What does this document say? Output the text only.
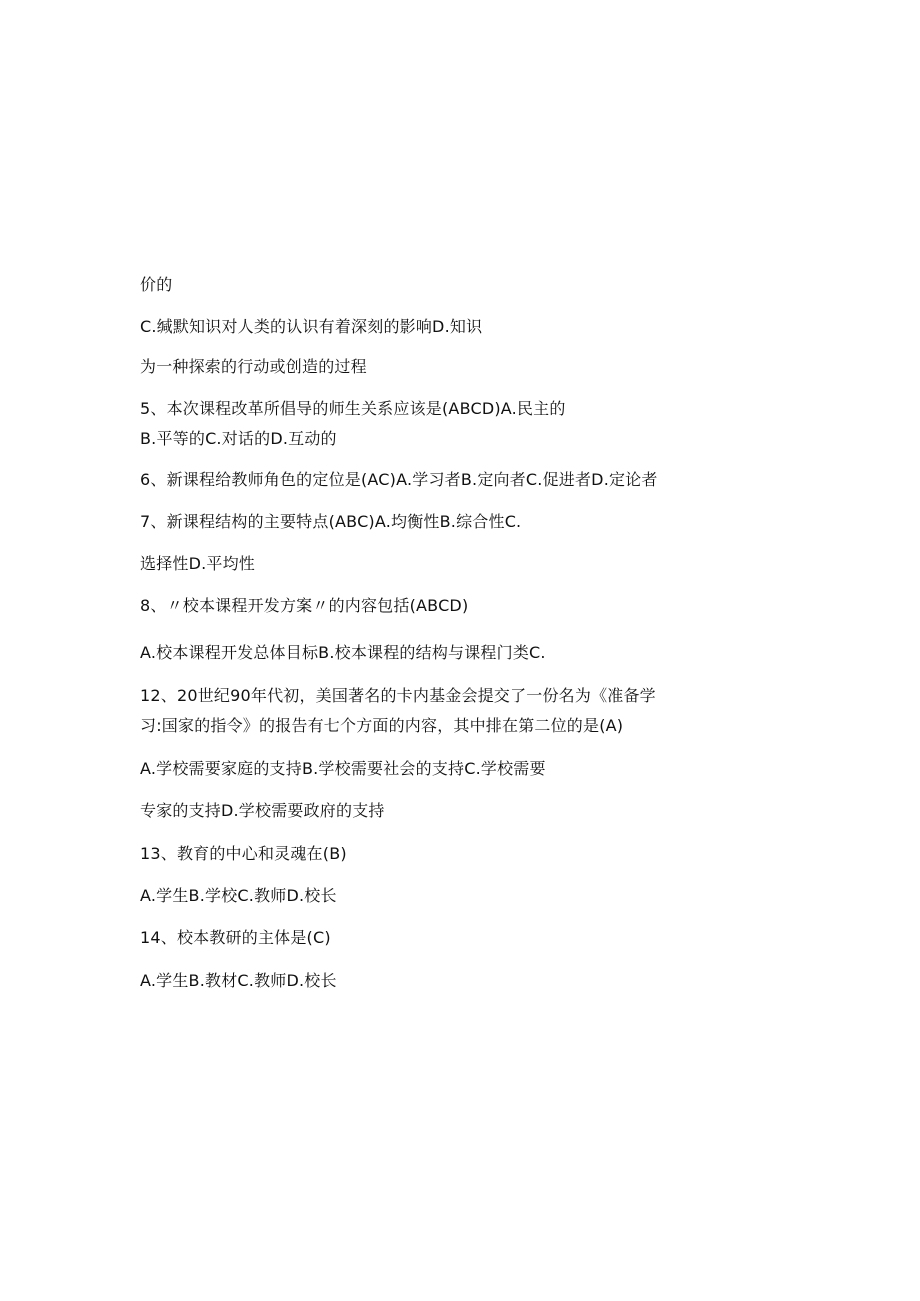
价的
C.缄默知识对人类的认识有着深刻的影响D.知识
为一种探索的行动或创造的过程
5、本次课程改革所倡导的师生关系应该是(ABCD)A.民主的
B.平等的C.对话的D.互动的
6、新课程给教师角色的定位是(AC)A.学习者B.定向者C.促进者D.定论者
7、新课程结构的主要特点(ABC)A.均衡性B.综合性C.
选择性D.平均性
8、〃校本课程开发方案〃的内容包括(ABCD)
A.校本课程开发总体目标B.校本课程的结构与课程门类C.
12、20世纪90年代初，美国著名的卡内基金会提交了一份名为《准备学
习:国家的指令》的报告有七个方面的内容，其中排在第二位的是(A)
A.学校需要家庭的支持B.学校需要社会的支持C.学校需要
专家的支持D.学校需要政府的支持
13、教育的中心和灵魂在(B)
A.学生B.学校C.教师D.校长
14、校本教研的主体是(C)
A.学生B.教材C.教师D.校长
